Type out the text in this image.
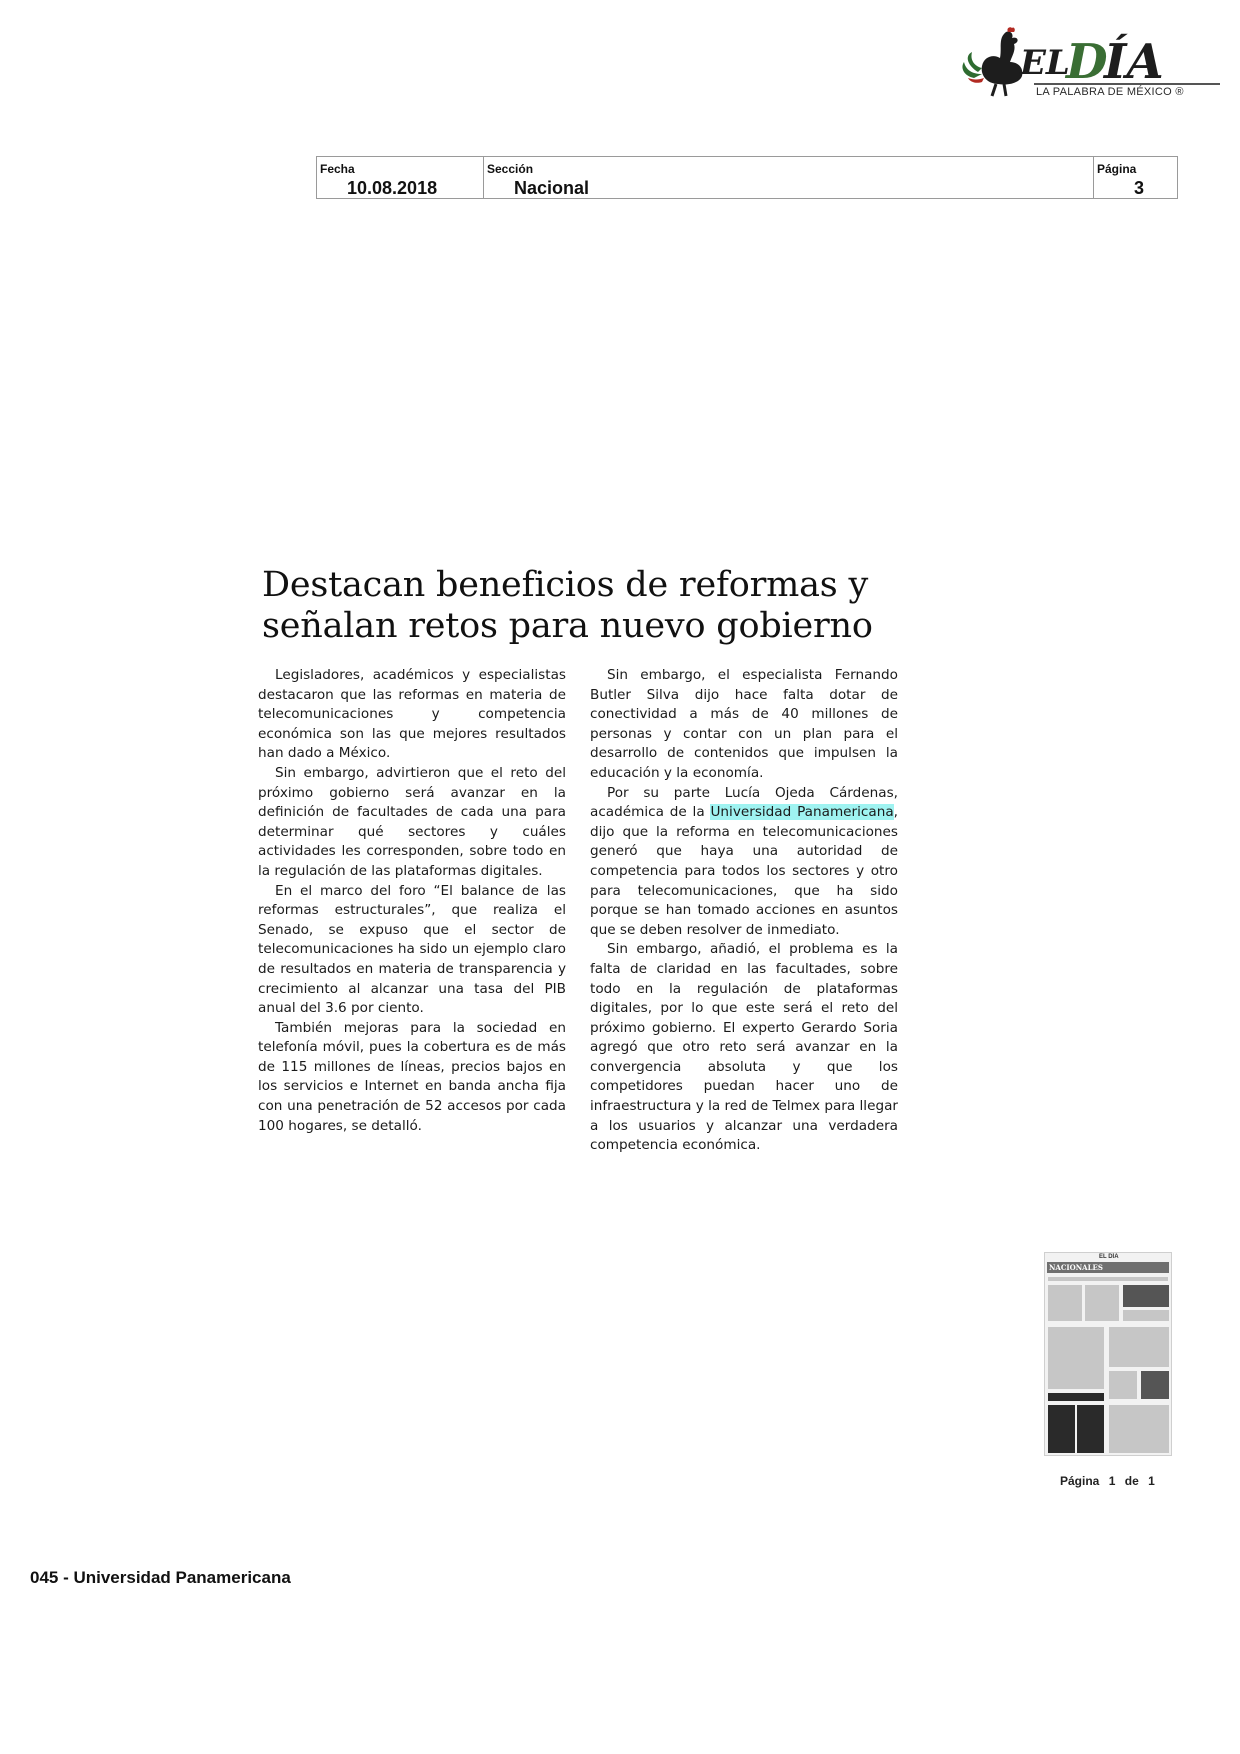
EL
D
ÍA
LA PALABRA DE MÉXICO ®
Fecha
10.08.2018
Sección
Nacional
Página
3
Destacan beneficios de reformas y señalan retos para nuevo gobierno

Legisladores, académicos y especialistas destacaron que las reformas en materia de telecomunicaciones y competencia económica son las que mejores resultados han dado a México.

Sin embargo, advirtieron que el reto del próximo gobierno será avanzar en la definición de facultades de cada una para determinar qué sectores y cuáles actividades les corresponden, sobre todo en la regulación de las plataformas digitales.

En el marco del foro “El balance de las reformas estructurales”, que realiza el Senado, se expuso que el sector de telecomunicaciones ha sido un ejemplo claro de resultados en materia de transparencia y crecimiento al alcanzar una tasa del PIB anual del 3.6 por ciento.

También mejoras para la sociedad en telefonía móvil, pues la cobertura es de más de 115 millones de líneas, precios bajos en los servicios e Internet en banda ancha fija con una penetración de 52 accesos por cada 100 hogares, se detalló.

Sin embargo, el especialista Fernando Butler Silva dijo hace falta dotar de conectividad a más de 40 millones de personas y contar con un plan para el desarrollo de contenidos que impulsen la educación y la economía.

Por su parte Lucía Ojeda Cárdenas, académica de la Universidad Panamericana, dijo que la reforma en telecomunicaciones generó que haya una autoridad de competencia para todos los sectores y otro para telecomunicaciones, que ha sido porque se han tomado acciones en asuntos que se deben resolver de inmediato.

Sin embargo, añadió, el problema es la falta de claridad en las facultades, sobre todo en la regulación de plataformas digitales, por lo que este será el reto del próximo gobierno. El experto Gerardo Soria agregó que otro reto será avanzar en la convergencia absoluta y que los competidores puedan hacer uno de infraestructura y la red de Telmex para llegar a los usuarios y alcanzar una verdadera competencia económica.

EL DÍA
NACIONALES
Página 1 de 1
045 - Universidad Panamericana
